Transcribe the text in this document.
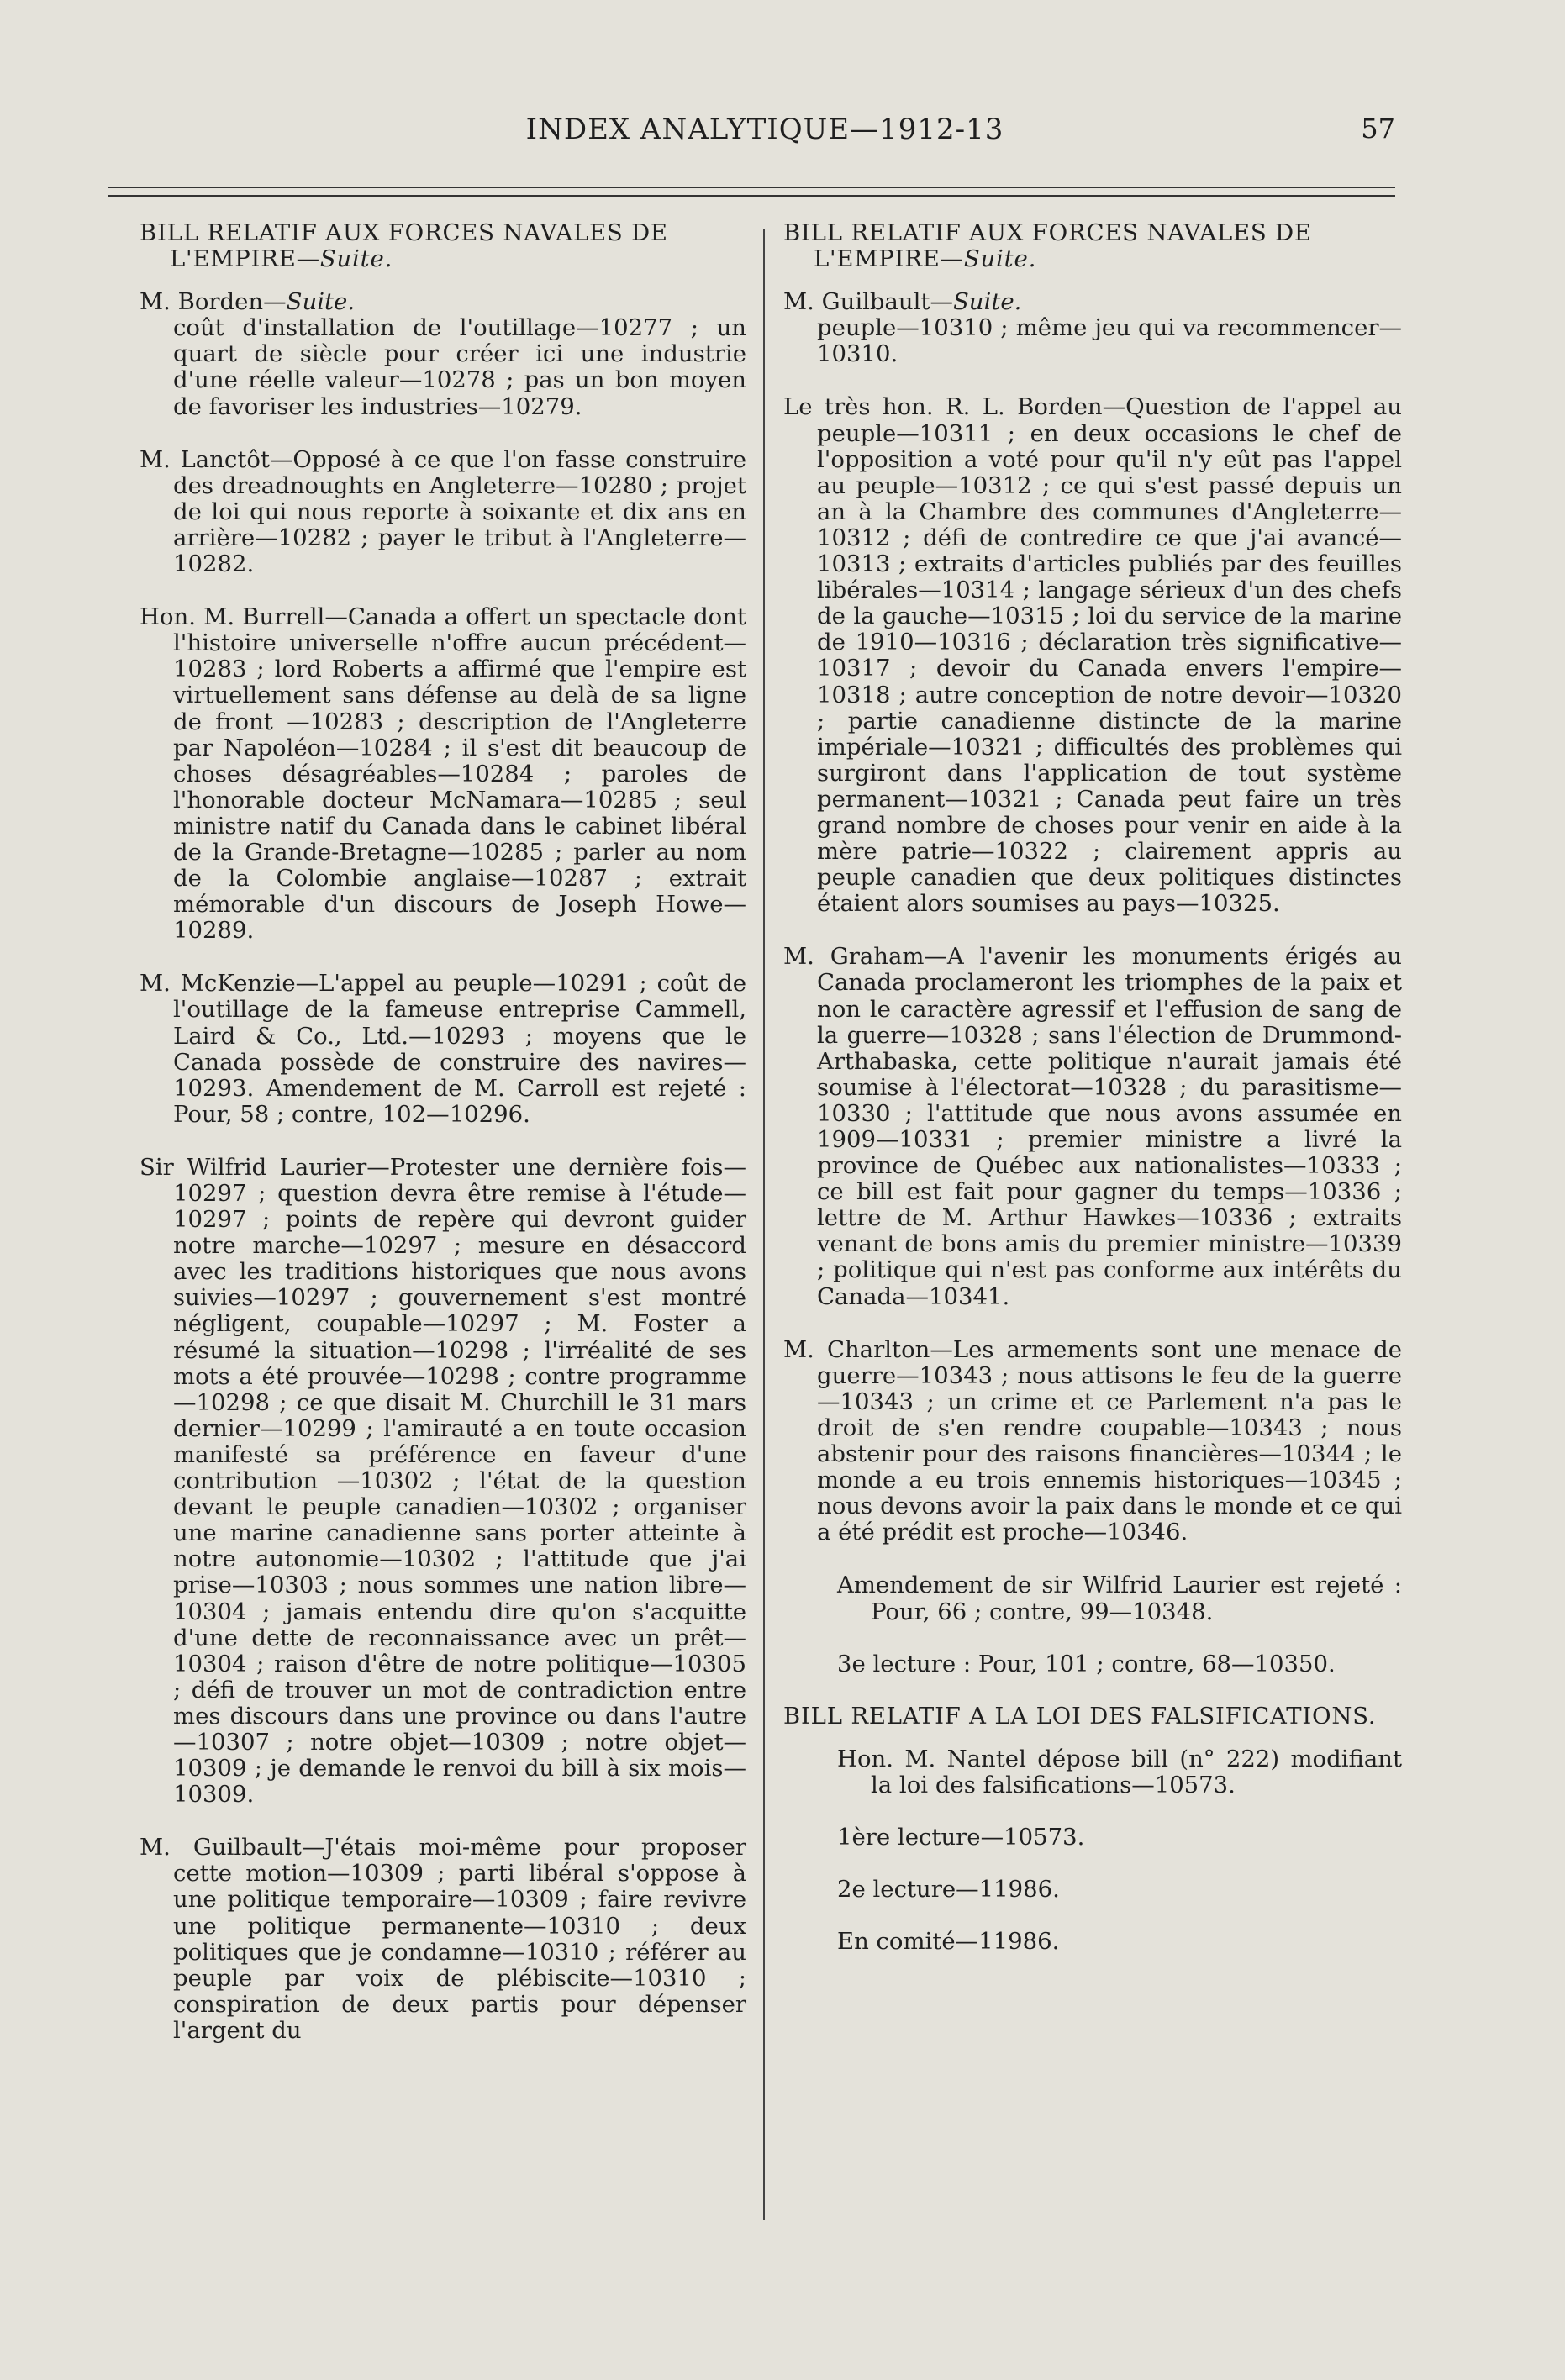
INDEX ANALYTIQUE—1912-13	57

BILL RELATIF AUX FORCES NAVALES DE L'EMPIRE—Suite.

M. Borden—Suite.
coût d'installation de l'outillage—10277 ; un quart de siècle pour créer ici une industrie d'une réelle valeur—10278 ; pas un bon moyen de favoriser les industries—10279.

M. Lanctôt—Opposé à ce que l'on fasse construire des dreadnoughts en Angleterre—10280 ; projet de loi qui nous reporte à soixante et dix ans en arrière—10282 ; payer le tribut à l'Angleterre—10282.

Hon. M. Burrell—Canada a offert un spectacle dont l'histoire universelle n'offre aucun précédent—10283 ; lord Roberts a affirmé que l'empire est virtuellement sans défense au delà de sa ligne de front —10283 ; description de l'Angleterre par Napoléon—10284 ; il s'est dit beaucoup de choses désagréables—10284 ; paroles de l'honorable docteur McNamara—10285 ; seul ministre natif du Canada dans le cabinet libéral de la Grande-Bretagne—10285 ; parler au nom de la Colombie anglaise—10287 ; extrait mémorable d'un discours de Joseph Howe—10289.

M. McKenzie—L'appel au peuple—10291 ; coût de l'outillage de la fameuse entreprise Cammell, Laird & Co., Ltd.—10293 ; moyens que le Canada possède de construire des navires—10293. Amendement de M. Carroll est rejeté : Pour, 58 ; contre, 102—10296.

Sir Wilfrid Laurier—Protester une dernière fois—10297 ; question devra être remise à l'étude—10297 ; points de repère qui devront guider notre marche—10297 ; mesure en désaccord avec les traditions historiques que nous avons suivies—10297 ; gouvernement s'est montré négligent, coupable—10297 ; M. Foster a résumé la situation—10298 ; l'irréalité de ses mots a été prouvée—10298 ; contre programme—10298 ; ce que disait M. Churchill le 31 mars dernier—10299 ; l'amirauté a en toute occasion manifesté sa préférence en faveur d'une contribution —10302 ; l'état de la question devant le peuple canadien—10302 ; organiser une marine canadienne sans porter atteinte à notre autonomie—10302 ; l'attitude que j'ai prise—10303 ; nous sommes une nation libre—10304 ; jamais entendu dire qu'on s'acquitte d'une dette de reconnaissance avec un prêt—10304 ; raison d'être de notre politique—10305 ; défi de trouver un mot de contradiction entre mes discours dans une province ou dans l'autre—10307 ; notre objet—10309 ; notre objet—10309 ; je demande le renvoi du bill à six mois—10309.

M. Guilbault—J'étais moi-même pour proposer cette motion—10309 ; parti libéral s'oppose à une politique temporaire—10309 ; faire revivre une politique permanente—10310 ; deux politiques que je condamne—10310 ; référer au peuple par voix de plébiscite—10310 ; conspiration de deux partis pour dépenser l'argent du

BILL RELATIF AUX FORCES NAVALES DE L'EMPIRE—Suite.

M. Guilbault—Suite.
peuple—10310 ; même jeu qui va recommencer—10310.

Le très hon. R. L. Borden—Question de l'appel au peuple—10311 ; en deux occasions le chef de l'opposition a voté pour qu'il n'y eût pas l'appel au peuple—10312 ; ce qui s'est passé depuis un an à la Chambre des communes d'Angleterre—10312 ; défi de contredire ce que j'ai avancé—10313 ; extraits d'articles publiés par des feuilles libérales—10314 ; langage sérieux d'un des chefs de la gauche—10315 ; loi du service de la marine de 1910—10316 ; déclaration très significative—10317 ; devoir du Canada envers l'empire—10318 ; autre conception de notre devoir—10320 ; partie canadienne distincte de la marine impériale—10321 ; difficultés des problèmes qui surgiront dans l'application de tout système permanent—10321 ; Canada peut faire un très grand nombre de choses pour venir en aide à la mère patrie—10322 ; clairement appris au peuple canadien que deux politiques distinctes étaient alors soumises au pays—10325.

M. Graham—A l'avenir les monuments érigés au Canada proclameront les triomphes de la paix et non le caractère agressif et l'effusion de sang de la guerre—10328 ; sans l'élection de Drummond-Arthabaska, cette politique n'aurait jamais été soumise à l'électorat—10328 ; du parasitisme—10330 ; l'attitude que nous avons assumée en 1909—10331 ; premier ministre a livré la province de Québec aux nationalistes—10333 ; ce bill est fait pour gagner du temps—10336 ; lettre de M. Arthur Hawkes—10336 ; extraits venant de bons amis du premier ministre—10339 ; politique qui n'est pas conforme aux intérêts du Canada—10341.

M. Charlton—Les armements sont une menace de guerre—10343 ; nous attisons le feu de la guerre—10343 ; un crime et ce Parlement n'a pas le droit de s'en rendre coupable—10343 ; nous abstenir pour des raisons financières—10344 ; le monde a eu trois ennemis historiques—10345 ; nous devons avoir la paix dans le monde et ce qui a été prédit est proche—10346.

Amendement de sir Wilfrid Laurier est rejeté : Pour, 66 ; contre, 99—10348.

3e lecture : Pour, 101 ; contre, 68—10350.

BILL RELATIF A LA LOI DES FALSIFICATIONS.

Hon. M. Nantel dépose bill (n° 222) modifiant la loi des falsifications—10573.

1ère lecture—10573.

2e lecture—11986.

En comité—11986.
